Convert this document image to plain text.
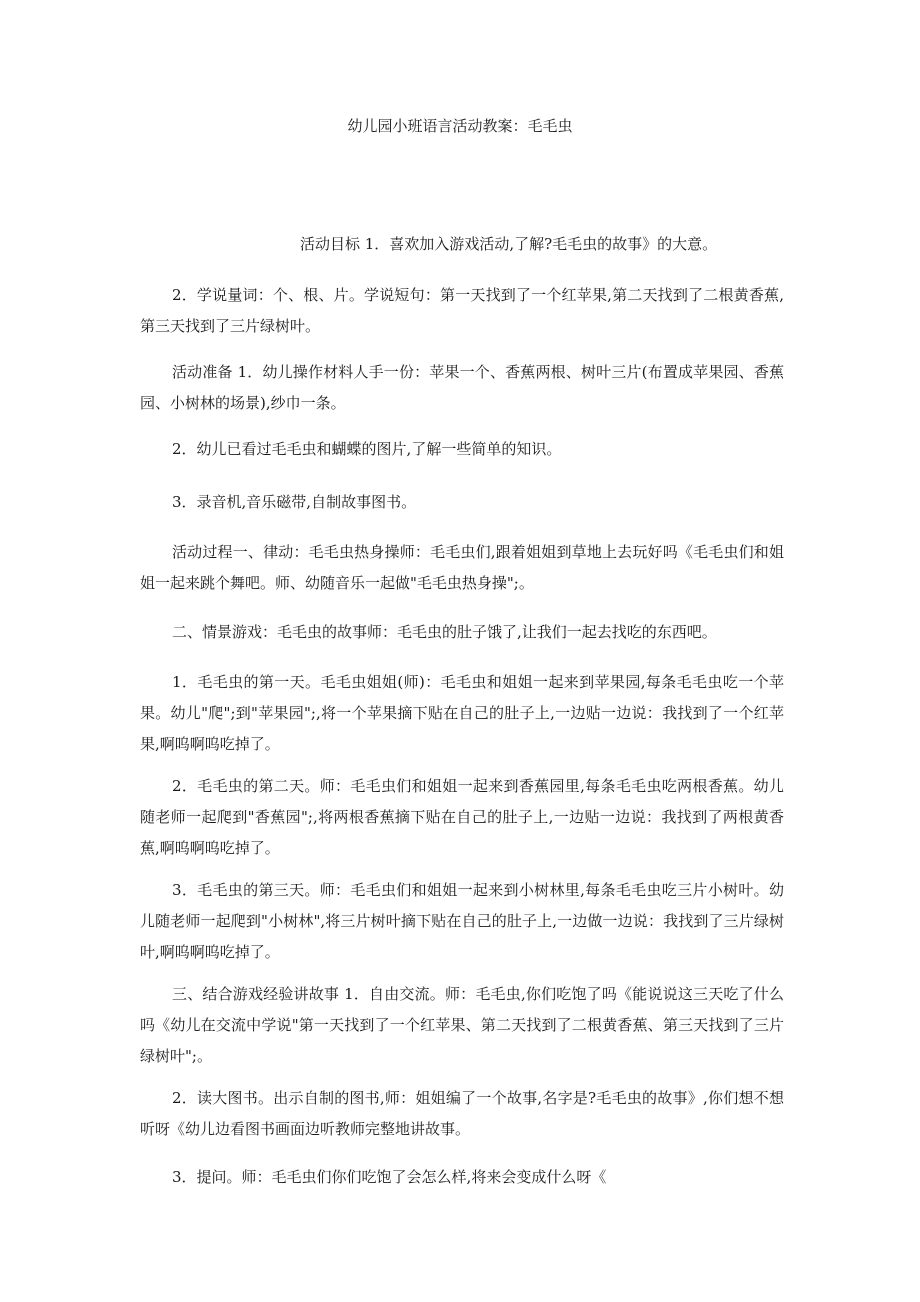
幼儿园小班语言活动教案：毛毛虫

活动目标 1．喜欢加入游戏活动,了解?毛毛虫的故事》的大意。

2．学说量词：个、根、片。学说短句：第一天找到了一个红苹果,第二天找到了二根黄香蕉,第三天找到了三片绿树叶。

活动准备 1．幼儿操作材料人手一份：苹果一个、香蕉两根、树叶三片(布置成苹果园、香蕉园、小树林的场景),纱巾一条。

2．幼儿已看过毛毛虫和蝴蝶的图片,了解一些简单的知识。

3．录音机,音乐磁带,自制故事图书。

活动过程一、律动：毛毛虫热身操师：毛毛虫们,跟着姐姐到草地上去玩好吗《毛毛虫们和姐姐一起来跳个舞吧。师、幼随音乐一起做"毛毛虫热身操";。

二、情景游戏：毛毛虫的故事师：毛毛虫的肚子饿了,让我们一起去找吃的东西吧。

1．毛毛虫的第一天。毛毛虫姐姐(师)：毛毛虫和姐姐一起来到苹果园,每条毛毛虫吃一个苹果。幼儿"爬";到"苹果园";,将一个苹果摘下贴在自己的肚子上,一边贴一边说：我找到了一个红苹果,啊呜啊呜吃掉了。

2．毛毛虫的第二天。师：毛毛虫们和姐姐一起来到香蕉园里,每条毛毛虫吃两根香蕉。幼儿随老师一起爬到"香蕉园";,将两根香蕉摘下贴在自己的肚子上,一边贴一边说：我找到了两根黄香蕉,啊呜啊呜吃掉了。

3．毛毛虫的第三天。师：毛毛虫们和姐姐一起来到小树林里,每条毛毛虫吃三片小树叶。幼儿随老师一起爬到"小树林",将三片树叶摘下贴在自己的肚子上,一边做一边说：我找到了三片绿树叶,啊呜啊呜吃掉了。

三、结合游戏经验讲故事 1．自由交流。师：毛毛虫,你们吃饱了吗《能说说这三天吃了什么吗《幼儿在交流中学说"第一天找到了一个红苹果、第二天找到了二根黄香蕉、第三天找到了三片绿树叶";。

2．读大图书。出示自制的图书,师：姐姐编了一个故事,名字是?毛毛虫的故事》,你们想不想听呀《幼儿边看图书画面边听教师完整地讲故事。

3．提问。师：毛毛虫们你们吃饱了会怎么样,将来会变成什么呀《
